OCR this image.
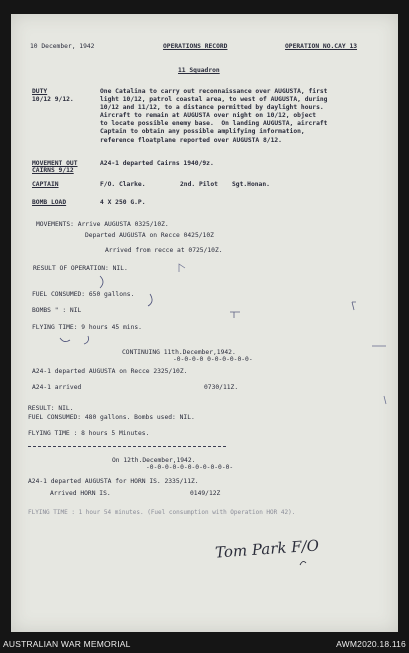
10 December, 1942	OPERATIONS RECORD	OPERATION NO.CAY 13
11 Squadron
DUTY
10/12 9/12.
One Catalina to carry out reconnaissance over AUGUSTA, first
light 10/12, patrol coastal area, to west of AUGUSTA, during
10/12 and 11/12, to a distance permitted by daylight hours.
Aircraft to remain at AUGUSTA over night on 10/12, object
to locate possible enemy base.  On landing AUGUSTA, aircraft
Captain to obtain any possible amplifying information,
reference floatplane reported over AUGUSTA 8/12.
MOVEMENT OUT
CAIRNS 9/12
A24-1 departed Cairns 1940/9z.
CAPTAIN	F/O. Clarke.	2nd. Pilot Sgt.Honan.
BOMB LOAD	4 X 250 G.P.
MOVEMENTS: Arrive AUGUSTA 0325/10Z.
Departed AUGUSTA on Recce 0425/10Z
Arrived from recce at 0725/10Z.
RESULT OF OPERATION: NIL.
FUEL CONSUMED: 650 gallons.
BOMBS " : NIL
FLYING TIME: 9 hours 45 mins.
CONTINUING 11th.December,1942.
-0-0-0-0 0-0-0-0-0-0-
A24-1 departed AUGUSTA on Recce 2325/10Z.
A24-1 arrived	0730/11Z.
RESULT: NIL.
FUEL CONSUMED: 480 gallons. Bombs used: NIL.
FLYING TIME : 8 hours 5 Minutes.
On 12th.December,1942.
-0-0-0-0-0-0-0-0-0-0-0-
A24-1 departed AUGUSTA for HORN IS. 2335/11Z.
Arrived HORN IS.	0149/12Z
FLYING TIME : 1 hour 54 minutes. (Fuel consumption with Operation HOR 42).
Tom Park F/O
AUSTRALIAN WAR MEMORIAL	AWM2020.18.116
